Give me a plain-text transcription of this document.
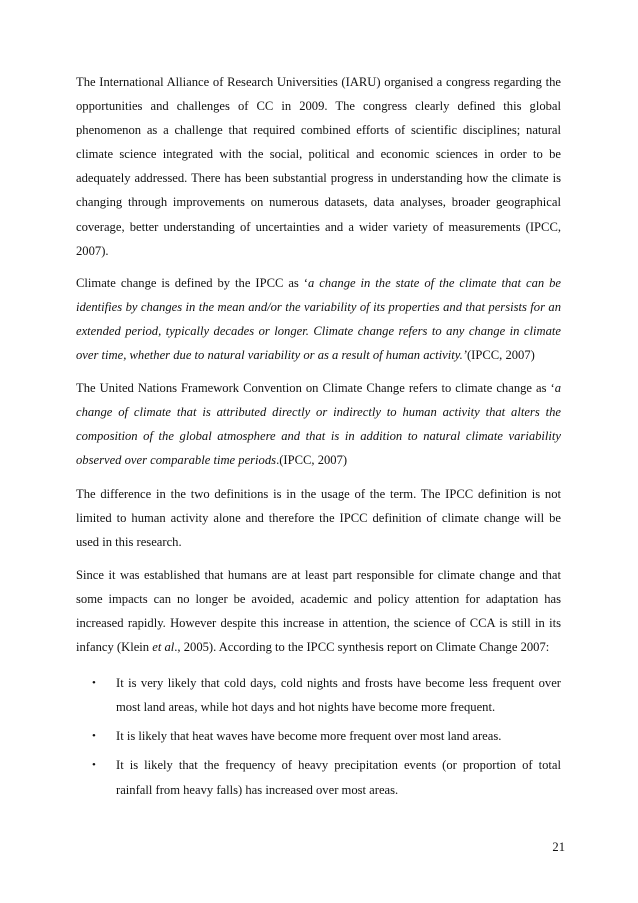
The International Alliance of Research Universities (IARU) organised a congress regarding the opportunities and challenges of CC in 2009. The congress clearly defined this global phenomenon as a challenge that required combined efforts of scientific disciplines; natural climate science integrated with the social, political and economic sciences in order to be adequately addressed. There has been substantial progress in understanding how the climate is changing through improvements on numerous datasets, data analyses, broader geographical coverage, better understanding of uncertainties and a wider variety of measurements (IPCC, 2007).

Climate change is defined by the IPCC as ‘a change in the state of the climate that can be identifies by changes in the mean and/or the variability of its properties and that persists for an extended period, typically decades or longer. Climate change refers to any change in climate over time, whether due to natural variability or as a result of human activity.’(IPCC, 2007)

The United Nations Framework Convention on Climate Change refers to climate change as ‘a change of climate that is attributed directly or indirectly to human activity that alters the composition of the global atmosphere and that is in addition to natural climate variability observed over comparable time periods.(IPCC, 2007)

The difference in the two definitions is in the usage of the term. The IPCC definition is not limited to human activity alone and therefore the IPCC definition of climate change will be used in this research.

Since it was established that humans are at least part responsible for climate change and that some impacts can no longer be avoided, academic and policy attention for adaptation has increased rapidly. However despite this increase in attention, the science of CCA is still in its infancy (Klein et al., 2005). According to the IPCC synthesis report on Climate Change 2007:

• It is very likely that cold days, cold nights and frosts have become less frequent over most land areas, while hot days and hot nights have become more frequent.
• It is likely that heat waves have become more frequent over most land areas.
• It is likely that the frequency of heavy precipitation events (or proportion of total rainfall from heavy falls) has increased over most areas.
21
